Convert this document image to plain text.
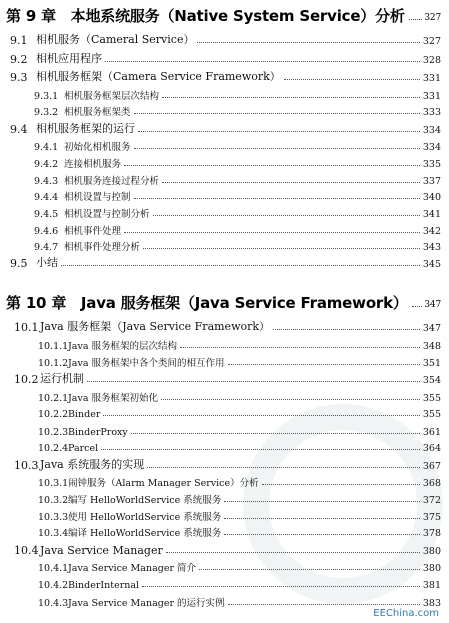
第 9 章　本地系统服务（Native System Service）分析 327
9.1 相机服务（Cameral Service）	327
9.2 相机应用程序	328
9.3 相机服务框架（Camera Service Framework）	331
9.3.1 相机服务框架层次结构	331
9.3.2 相机服务框架类	333
9.4 相机服务框架的运行	334
9.4.1 初始化相机服务	334
9.4.2 连接相机服务	335
9.4.3 相机服务连接过程分析	337
9.4.4 相机设置与控制	340
9.4.5 相机设置与控制分析	341
9.4.6 相机事件处理	342
9.4.7 相机事件处理分析	343
9.5 小结	345
第 10 章　Java 服务框架（Java Service Framework） 347
10.1 Java 服务框架（Java Service Framework）	347
10.1.1 Java 服务框架的层次结构	348
10.1.2 Java 服务框架中各个类间的相互作用	351
10.2 运行机制	354
10.2.1 Java 服务框架初始化	355
10.2.2 Binder	355
10.2.3 BinderProxy	361
10.2.4 Parcel	364
10.3 Java 系统服务的实现	367
10.3.1 闹钟服务（Alarm Manager Service）分析	368
10.3.2 编写 HelloWorldService 系统服务	372
10.3.3 使用 HelloWorldService 系统服务	375
10.3.4 编译 HelloWorldService 系统服务	378
10.4 Java Service Manager	380
10.4.1 Java Service Manager 简介	380
10.4.2 BinderInternal	381
10.4.3 Java Service Manager 的运行实例	383
EEChina.com
